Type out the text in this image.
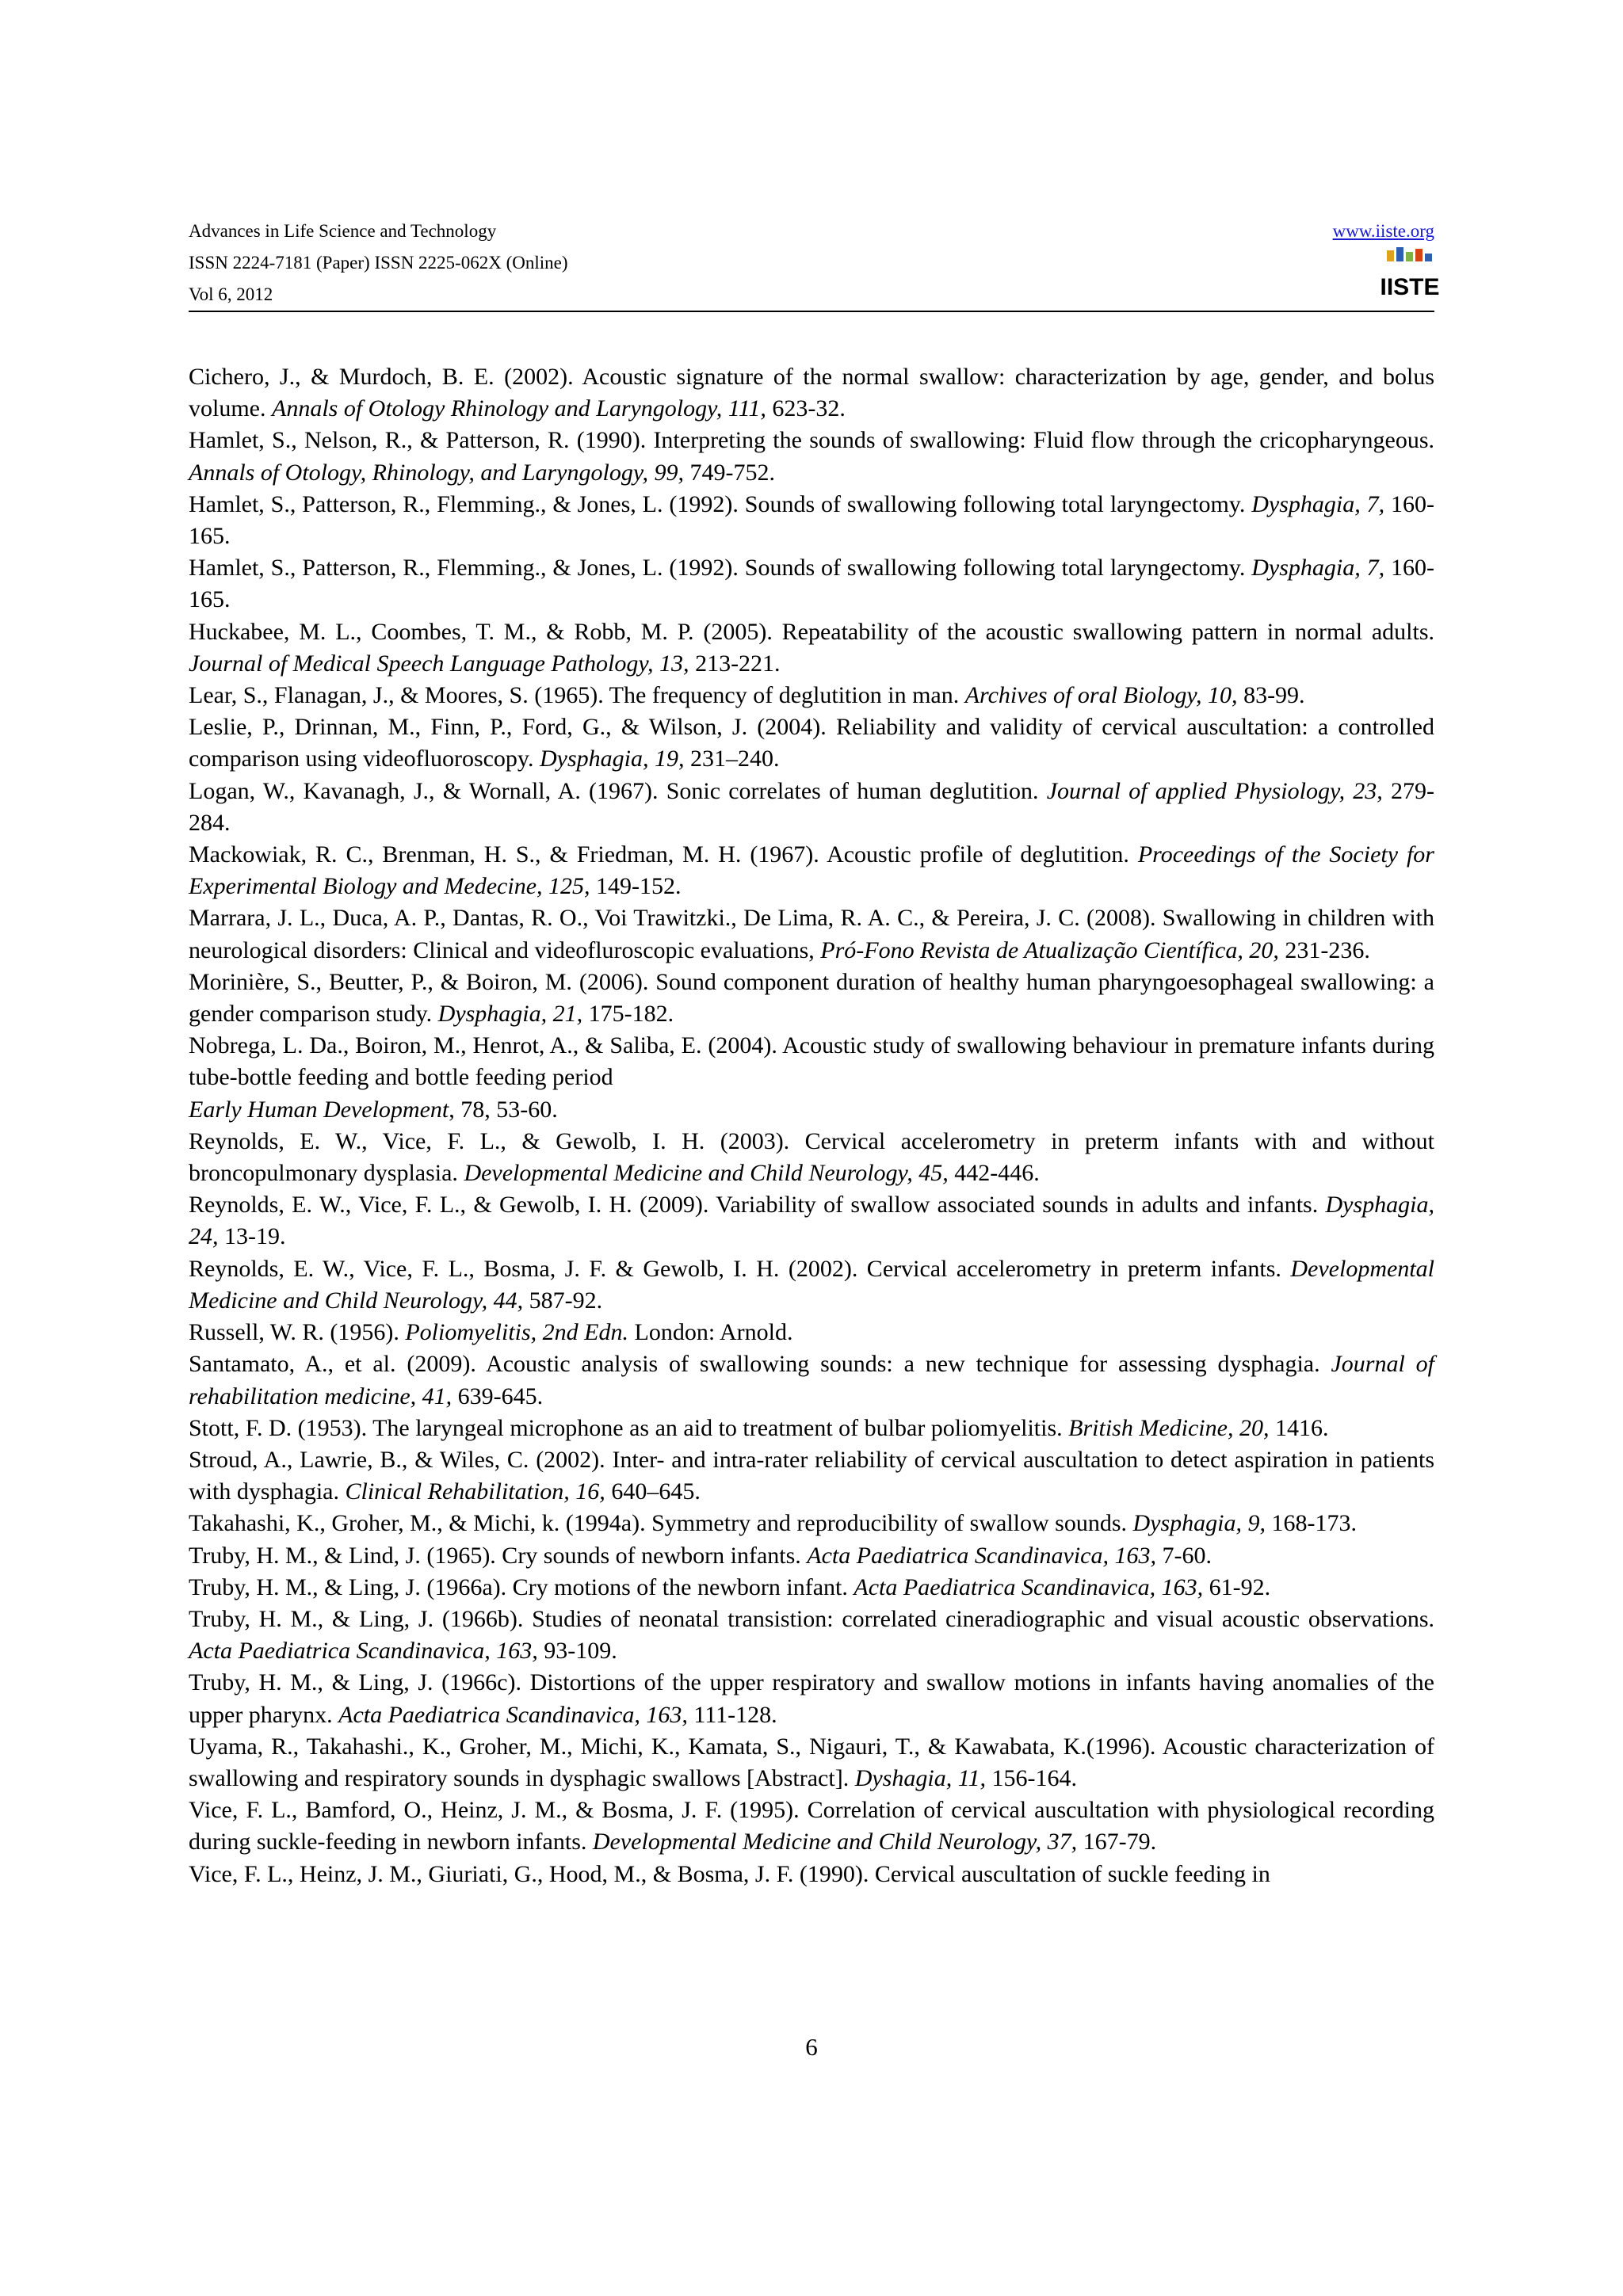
Advances in Life Science and Technology
ISSN 2224-7181 (Paper) ISSN 2225-062X (Online)
Vol 6, 2012
www.iiste.org
IISTE

Cichero, J., & Murdoch, B. E. (2002). Acoustic signature of the normal swallow: characterization by age, gender, and bolus volume. Annals of Otology Rhinology and Laryngology, 111, 623-32.

Hamlet, S., Nelson, R., & Patterson, R. (1990). Interpreting the sounds of swallowing: Fluid flow through the cricopharyngeous. Annals of Otology, Rhinology, and Laryngology, 99, 749-752.

Hamlet, S., Patterson, R., Flemming., & Jones, L. (1992). Sounds of swallowing following total laryngectomy. Dysphagia, 7, 160-165.

Hamlet, S., Patterson, R., Flemming., & Jones, L. (1992). Sounds of swallowing following total laryngectomy. Dysphagia, 7, 160-165.

Huckabee, M. L., Coombes, T. M., & Robb, M. P. (2005). Repeatability of the acoustic swallowing pattern in normal adults. Journal of Medical Speech Language Pathology, 13, 213-221.

Lear, S., Flanagan, J., & Moores, S. (1965). The frequency of deglutition in man. Archives of oral Biology, 10, 83-99.

Leslie, P., Drinnan, M., Finn, P., Ford, G., & Wilson, J. (2004). Reliability and validity of cervical auscultation: a controlled comparison using videofluoroscopy. Dysphagia, 19, 231–240.

Logan, W., Kavanagh, J., & Wornall, A. (1967). Sonic correlates of human deglutition. Journal of applied Physiology, 23, 279-284.

Mackowiak, R. C., Brenman, H. S., & Friedman, M. H. (1967). Acoustic profile of deglutition. Proceedings of the Society for Experimental Biology and Medecine, 125, 149-152.

Marrara, J. L., Duca, A. P., Dantas, R. O., Voi Trawitzki., De Lima, R. A. C., & Pereira, J. C. (2008). Swallowing in children with neurological disorders: Clinical and videofluroscopic evaluations, Pró-Fono Revista de Atualização Científica, 20, 231-236.

Morinière, S., Beutter, P., & Boiron, M. (2006). Sound component duration of healthy human pharyngoesophageal swallowing: a gender comparison study. Dysphagia, 21, 175-182.

Nobrega, L. Da., Boiron, M., Henrot, A., & Saliba, E. (2004). Acoustic study of swallowing behaviour in premature infants during tube-bottle feeding and bottle feeding period

Early Human Development, 78, 53-60.

Reynolds, E. W., Vice, F. L., & Gewolb, I. H. (2003). Cervical accelerometry in preterm infants with and without broncopulmonary dysplasia. Developmental Medicine and Child Neurology, 45, 442-446.

Reynolds, E. W., Vice, F. L., & Gewolb, I. H. (2009). Variability of swallow associated sounds in adults and infants. Dysphagia, 24, 13-19.

Reynolds, E. W., Vice, F. L., Bosma, J. F. & Gewolb, I. H. (2002). Cervical accelerometry in preterm infants. Developmental Medicine and Child Neurology, 44, 587-92.

Russell, W. R. (1956). Poliomyelitis, 2nd Edn. London: Arnold.

Santamato, A., et al. (2009). Acoustic analysis of swallowing sounds: a new technique for assessing dysphagia. Journal of rehabilitation medicine, 41, 639-645.

Stott, F. D. (1953). The laryngeal microphone as an aid to treatment of bulbar poliomyelitis. British Medicine, 20, 1416.

Stroud, A., Lawrie, B., & Wiles, C. (2002). Inter- and intra-rater reliability of cervical auscultation to detect aspiration in patients with dysphagia. Clinical Rehabilitation, 16, 640–645.

Takahashi, K., Groher, M., & Michi, k. (1994a). Symmetry and reproducibility of swallow sounds. Dysphagia, 9, 168-173.

Truby, H. M., & Lind, J. (1965). Cry sounds of newborn infants. Acta Paediatrica Scandinavica, 163, 7-60.

Truby, H. M., & Ling, J. (1966a). Cry motions of the newborn infant. Acta Paediatrica Scandinavica, 163, 61-92.

Truby, H. M., & Ling, J. (1966b). Studies of neonatal transistion: correlated cineradiographic and visual acoustic observations. Acta Paediatrica Scandinavica, 163, 93-109.

Truby, H. M., & Ling, J. (1966c). Distortions of the upper respiratory and swallow motions in infants having anomalies of the upper pharynx. Acta Paediatrica Scandinavica, 163, 111-128.

Uyama, R., Takahashi., K., Groher, M., Michi, K., Kamata, S., Nigauri, T., & Kawabata, K.(1996). Acoustic characterization of swallowing and respiratory sounds in dysphagic swallows [Abstract]. Dyshagia, 11, 156-164.

Vice, F. L., Bamford, O., Heinz, J. M., & Bosma, J. F. (1995). Correlation of cervical auscultation with physiological recording during suckle-feeding in newborn infants. Developmental Medicine and Child Neurology, 37, 167-79.

Vice, F. L., Heinz, J. M., Giuriati, G., Hood, M., & Bosma, J. F. (1990). Cervical auscultation of suckle feeding in

6
